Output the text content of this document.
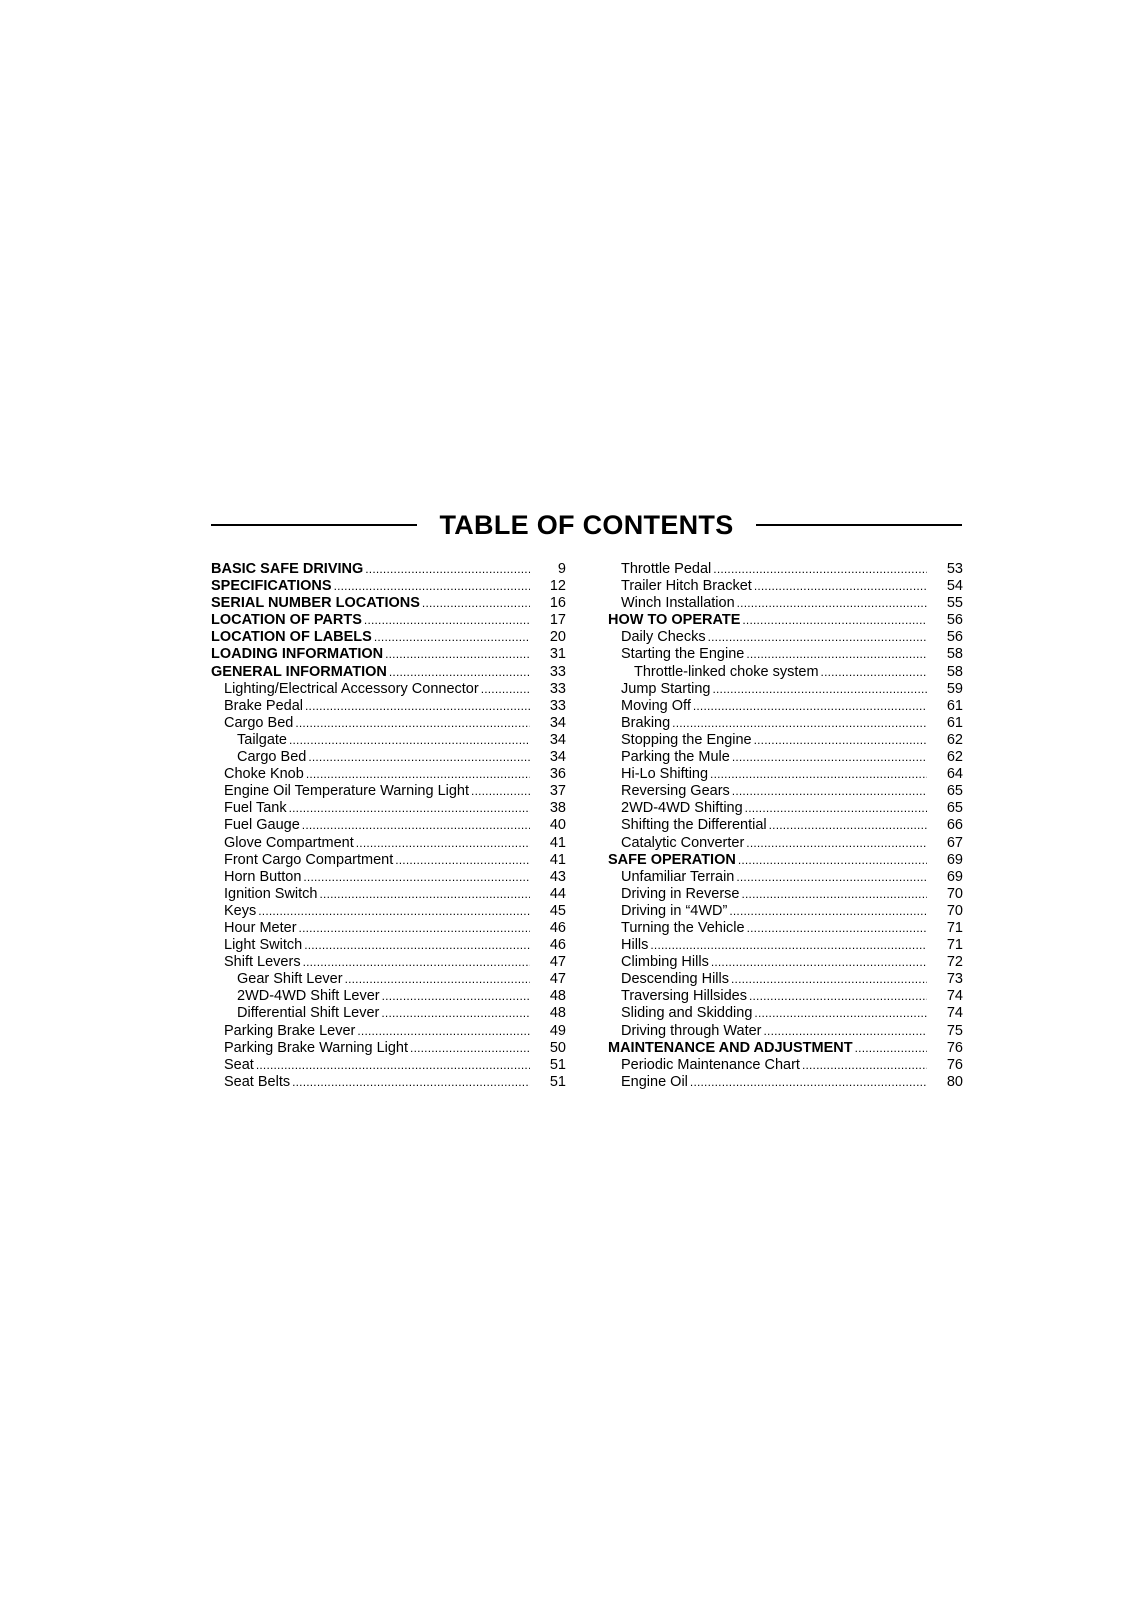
TABLE OF CONTENTS
BASIC SAFE DRIVING .....	9
SPECIFICATIONS .....	12
SERIAL NUMBER LOCATIONS .....	16
LOCATION OF PARTS .....	17
LOCATION OF LABELS .....	20
LOADING INFORMATION .....	31
GENERAL INFORMATION .....	33
Lighting/Electrical Accessory Connector .....	33
Brake Pedal .....	33
Cargo Bed .....	34
Tailgate .....	34
Cargo Bed .....	34
Choke Knob .....	36
Engine Oil Temperature Warning Light .....	37
Fuel Tank .....	38
Fuel Gauge .....	40
Glove Compartment .....	41
Front Cargo Compartment .....	41
Horn Button .....	43
Ignition Switch .....	44
Keys .....	45
Hour Meter .....	46
Light Switch .....	46
Shift Levers .....	47
Gear Shift Lever .....	47
2WD-4WD Shift Lever .....	48
Differential Shift Lever .....	48
Parking Brake Lever .....	49
Parking Brake Warning Light .....	50
Seat .....	51
Seat Belts .....	51
Throttle Pedal .....	53
Trailer Hitch Bracket .....	54
Winch Installation .....	55
HOW TO OPERATE .....	56
Daily Checks .....	56
Starting the Engine .....	58
Throttle-linked choke system .....	58
Jump Starting .....	59
Moving Off .....	61
Braking .....	61
Stopping the Engine .....	62
Parking the Mule .....	62
Hi-Lo Shifting .....	64
Reversing Gears .....	65
2WD-4WD Shifting .....	65
Shifting the Differential .....	66
Catalytic Converter .....	67
SAFE OPERATION .....	69
Unfamiliar Terrain .....	69
Driving in Reverse .....	70
Driving in “4WD” .....	70
Turning the Vehicle .....	71
Hills .....	71
Climbing Hills .....	72
Descending Hills .....	73
Traversing Hillsides .....	74
Sliding and Skidding .....	74
Driving through Water .....	75
MAINTENANCE AND ADJUSTMENT .....	76
Periodic Maintenance Chart .....	76
Engine Oil .....	80
